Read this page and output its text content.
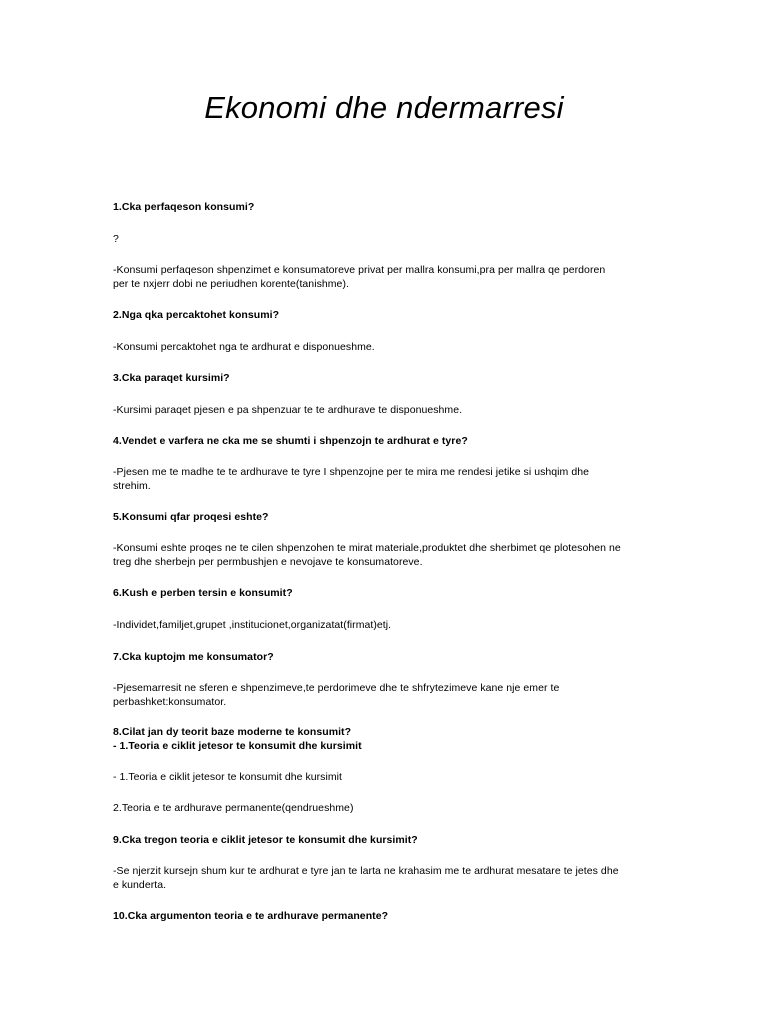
Ekonomi dhe ndermarresi
1.Cka perfaqeson konsumi?
?
-Konsumi perfaqeson shpenzimet e konsumatoreve privat per mallra konsumi,pra per mallra qe perdoren
per te nxjerr dobi ne periudhen korente(tanishme).
2.Nga qka percaktohet konsumi?
-Konsumi percaktohet nga te ardhurat e disponueshme.
3.Cka paraqet kursimi?
-Kursimi paraqet pjesen e pa shpenzuar te te ardhurave te disponueshme.
4.Vendet e varfera ne cka me se shumti i shpenzojn te ardhurat e tyre?
-Pjesen me te madhe te te ardhurave te tyre I shpenzojne per te mira me rendesi jetike si ushqim dhe
strehim.
5.Konsumi qfar proqesi eshte?
-Konsumi eshte proqes ne te cilen shpenzohen te mirat materiale,produktet dhe sherbimet qe plotesohen ne
treg dhe sherbejn per permbushjen e nevojave te konsumatoreve.
6.Kush e perben tersin e konsumit?
-Individet,familjet,grupet ,institucionet,organizatat(firmat)etj.
7.Cka kuptojm me konsumator?
-Pjesemarresit ne sferen e shpenzimeve,te perdorimeve dhe te shfrytezimeve kane nje emer te
perbashket:konsumator.
8.Cilat jan dy teorit baze moderne te konsumit?
- 1.Teoria e ciklit jetesor te konsumit dhe kursimit
- 1.Teoria e ciklit jetesor te konsumit dhe kursimit
2.Teoria e te ardhurave permanente(qendrueshme)
9.Cka tregon teoria e ciklit jetesor te konsumit dhe kursimit?
-Se njerzit kursejn shum kur te ardhurat e tyre jan te larta ne krahasim me te ardhurat mesatare te jetes dhe
e kunderta.
10.Cka argumenton teoria e te ardhurave permanente?
